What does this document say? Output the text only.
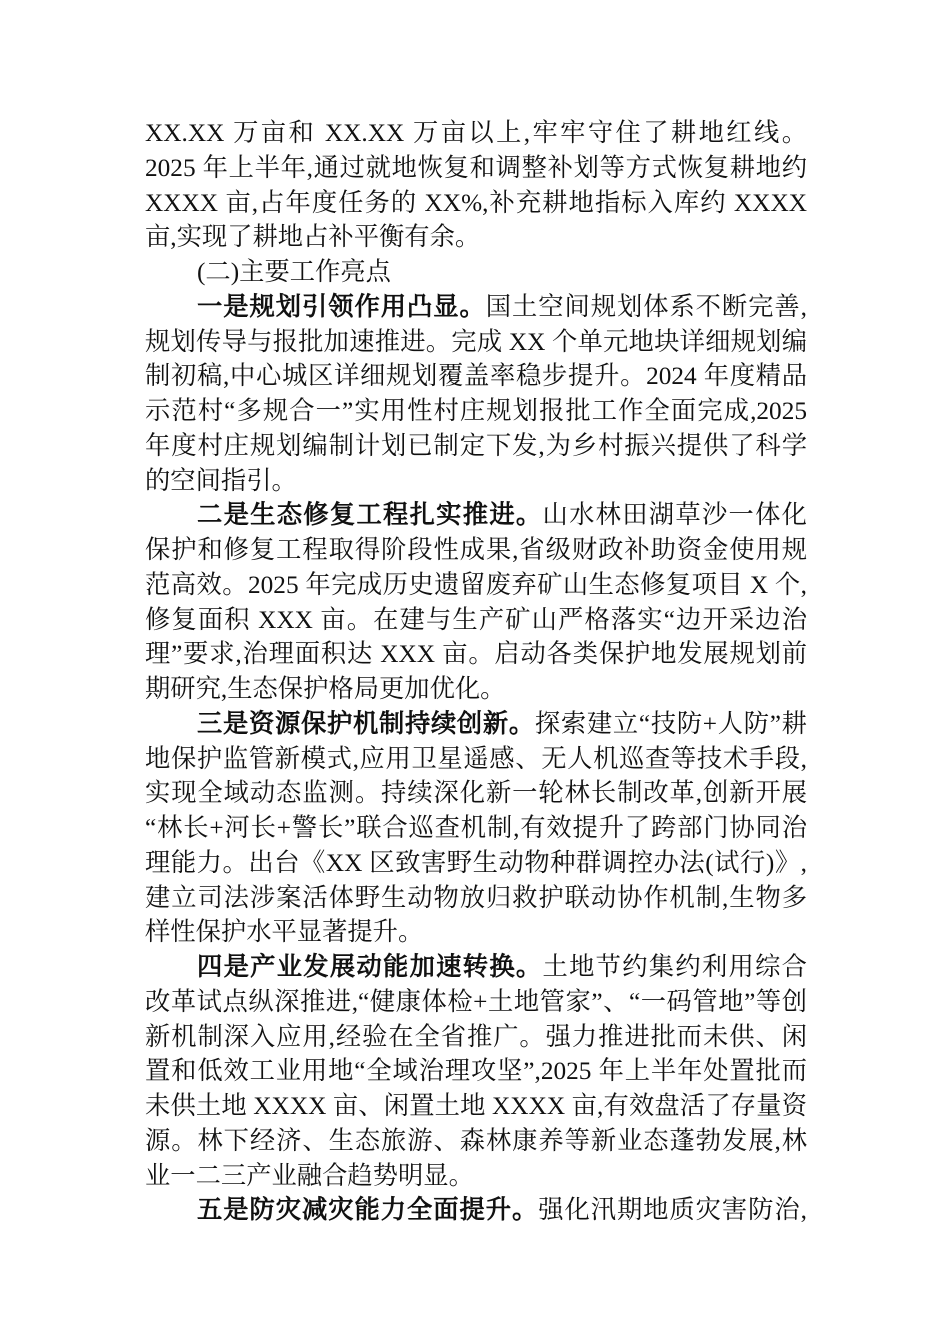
XX.XX 万亩和 XX.XX 万亩以上,牢牢守住了耕地红线。
2025 年上半年,通过就地恢复和调整补划等方式恢复耕地约
XXXX 亩,占年度任务的 XX%,补充耕地指标入库约 XXXX
亩,实现了耕地占补平衡有余。
(二)主要工作亮点
一是规划引领作用凸显。国土空间规划体系不断完善,
规划传导与报批加速推进。完成 XX 个单元地块详细规划编
制初稿,中心城区详细规划覆盖率稳步提升。2024 年度精品
示范村“多规合一”实用性村庄规划报批工作全面完成,2025
年度村庄规划编制计划已制定下发,为乡村振兴提供了科学
的空间指引。
二是生态修复工程扎实推进。山水林田湖草沙一体化
保护和修复工程取得阶段性成果,省级财政补助资金使用规
范高效。2025 年完成历史遗留废弃矿山生态修复项目 X 个,
修复面积 XXX 亩。在建与生产矿山严格落实“边开采边治
理”要求,治理面积达 XXX 亩。启动各类保护地发展规划前
期研究,生态保护格局更加优化。
三是资源保护机制持续创新。探索建立“技防+人防”耕
地保护监管新模式,应用卫星遥感、无人机巡查等技术手段,
实现全域动态监测。持续深化新一轮林长制改革,创新开展
“林长+河长+警长”联合巡查机制,有效提升了跨部门协同治
理能力。出台《XX 区致害野生动物种群调控办法(试行)》,
建立司法涉案活体野生动物放归救护联动协作机制,生物多
样性保护水平显著提升。
四是产业发展动能加速转换。土地节约集约利用综合
改革试点纵深推进,“健康体检+土地管家”、“一码管地”等创
新机制深入应用,经验在全省推广。强力推进批而未供、闲
置和低效工业用地“全域治理攻坚”,2025 年上半年处置批而
未供土地 XXXX 亩、闲置土地 XXXX 亩,有效盘活了存量资
源。林下经济、生态旅游、森林康养等新业态蓬勃发展,林
业一二三产业融合趋势明显。
五是防灾减灾能力全面提升。强化汛期地质灾害防治,
